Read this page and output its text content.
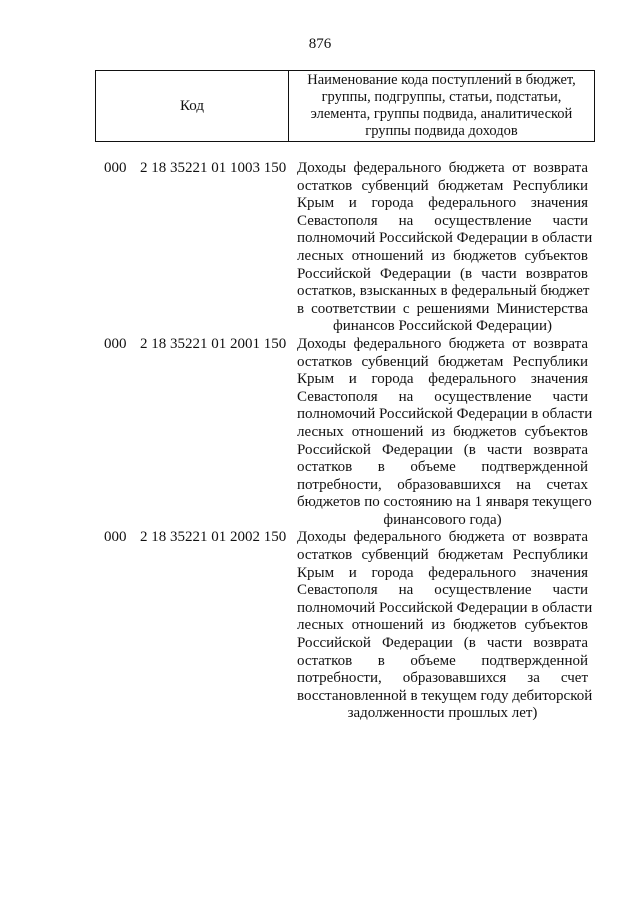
876
Код
Наименование кода поступлений в бюджет,
группы, подгруппы, статьи, подстатьи,
элемента, группы подвида, аналитической
группы подвида доходов
000 2 18 35221 01 1003 150 Доходы федерального бюджета от возврата
остатков субвенций бюджетам Республики
Крым и города федерального значения
Севастополя на осуществление части
полномочий Российской Федерации в области
лесных отношений из бюджетов субъектов
Российской Федерации (в части возвратов
остатков, взысканных в федеральный бюджет
в соответствии с решениями Министерства
финансов Российской Федерации)
000 2 18 35221 01 2001 150 Доходы федерального бюджета от возврата
остатков субвенций бюджетам Республики
Крым и города федерального значения
Севастополя на осуществление части
полномочий Российской Федерации в области
лесных отношений из бюджетов субъектов
Российской Федерации (в части возврата
остатков в объеме подтвержденной
потребности, образовавшихся на счетах
бюджетов по состоянию на 1 января текущего
финансового года)
000 2 18 35221 01 2002 150 Доходы федерального бюджета от возврата
остатков субвенций бюджетам Республики
Крым и города федерального значения
Севастополя на осуществление части
полномочий Российской Федерации в области
лесных отношений из бюджетов субъектов
Российской Федерации (в части возврата
остатков в объеме подтвержденной
потребности, образовавшихся за счет
восстановленной в текущем году дебиторской
задолженности прошлых лет)
